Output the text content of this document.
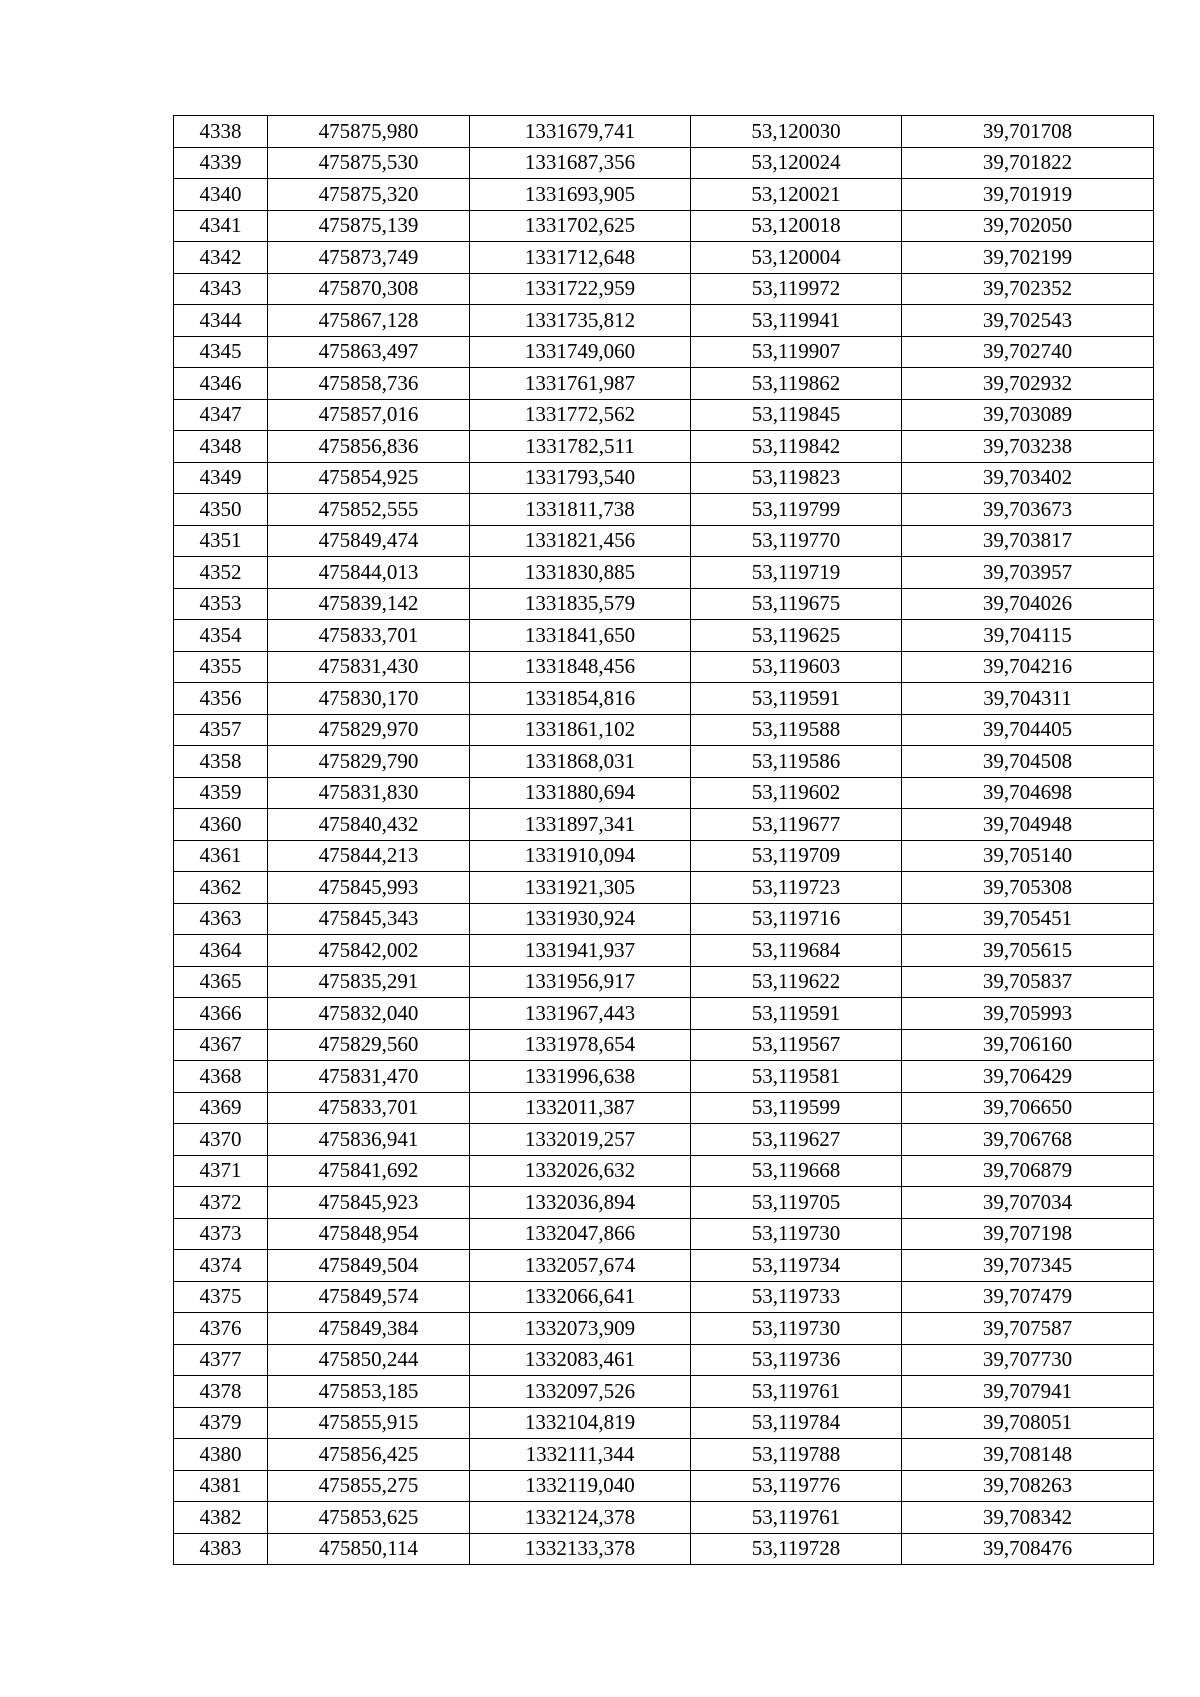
4338	475875,980	1331679,741	53,120030	39,701708
4339	475875,530	1331687,356	53,120024	39,701822
4340	475875,320	1331693,905	53,120021	39,701919
4341	475875,139	1331702,625	53,120018	39,702050
4342	475873,749	1331712,648	53,120004	39,702199
4343	475870,308	1331722,959	53,119972	39,702352
4344	475867,128	1331735,812	53,119941	39,702543
4345	475863,497	1331749,060	53,119907	39,702740
4346	475858,736	1331761,987	53,119862	39,702932
4347	475857,016	1331772,562	53,119845	39,703089
4348	475856,836	1331782,511	53,119842	39,703238
4349	475854,925	1331793,540	53,119823	39,703402
4350	475852,555	1331811,738	53,119799	39,703673
4351	475849,474	1331821,456	53,119770	39,703817
4352	475844,013	1331830,885	53,119719	39,703957
4353	475839,142	1331835,579	53,119675	39,704026
4354	475833,701	1331841,650	53,119625	39,704115
4355	475831,430	1331848,456	53,119603	39,704216
4356	475830,170	1331854,816	53,119591	39,704311
4357	475829,970	1331861,102	53,119588	39,704405
4358	475829,790	1331868,031	53,119586	39,704508
4359	475831,830	1331880,694	53,119602	39,704698
4360	475840,432	1331897,341	53,119677	39,704948
4361	475844,213	1331910,094	53,119709	39,705140
4362	475845,993	1331921,305	53,119723	39,705308
4363	475845,343	1331930,924	53,119716	39,705451
4364	475842,002	1331941,937	53,119684	39,705615
4365	475835,291	1331956,917	53,119622	39,705837
4366	475832,040	1331967,443	53,119591	39,705993
4367	475829,560	1331978,654	53,119567	39,706160
4368	475831,470	1331996,638	53,119581	39,706429
4369	475833,701	1332011,387	53,119599	39,706650
4370	475836,941	1332019,257	53,119627	39,706768
4371	475841,692	1332026,632	53,119668	39,706879
4372	475845,923	1332036,894	53,119705	39,707034
4373	475848,954	1332047,866	53,119730	39,707198
4374	475849,504	1332057,674	53,119734	39,707345
4375	475849,574	1332066,641	53,119733	39,707479
4376	475849,384	1332073,909	53,119730	39,707587
4377	475850,244	1332083,461	53,119736	39,707730
4378	475853,185	1332097,526	53,119761	39,707941
4379	475855,915	1332104,819	53,119784	39,708051
4380	475856,425	1332111,344	53,119788	39,708148
4381	475855,275	1332119,040	53,119776	39,708263
4382	475853,625	1332124,378	53,119761	39,708342
4383	475850,114	1332133,378	53,119728	39,708476
